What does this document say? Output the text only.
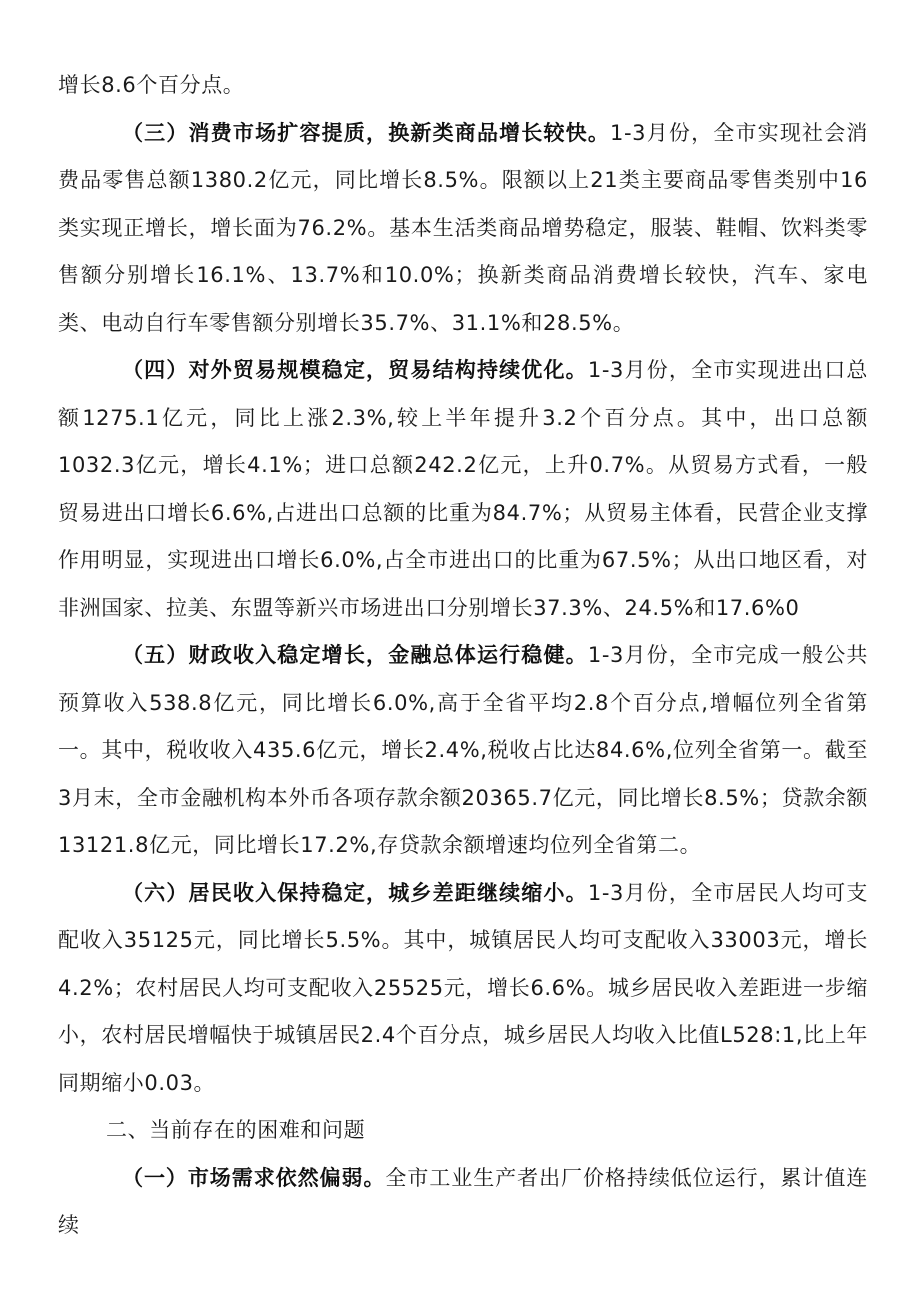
增长8.6个百分点。

（三）消费市场扩容提质，换新类商品增长较快。1-3月份，全市实现社会消费品零售总额1380.2亿元，同比增长8.5%。限额以上21类主要商品零售类别中16类实现正增长，增长面为76.2%。基本生活类商品增势稳定，服装、鞋帽、饮料类零售额分别增长16.1%、13.7%和10.0%；换新类商品消费增长较快，汽车、家电类、电动自行车零售额分别增长35.7%、31.1%和28.5%。

（四）对外贸易规模稳定，贸易结构持续优化。1-3月份，全市实现进出口总额1275.1亿元，同比上涨2.3%,较上半年提升3.2个百分点。其中，出口总额1032.3亿元，增长4.1%；进口总额242.2亿元，上升0.7%。从贸易方式看，一般贸易进出口增长6.6%,占进出口总额的比重为84.7%；从贸易主体看，民营企业支撑作用明显，实现进出口增长6.0%,占全市进出口的比重为67.5%；从出口地区看，对非洲国家、拉美、东盟等新兴市场进出口分别增长37.3%、24.5%和17.6%0

（五）财政收入稳定增长，金融总体运行稳健。1-3月份，全市完成一般公共预算收入538.8亿元，同比增长6.0%,高于全省平均2.8个百分点,增幅位列全省第一。其中，税收收入435.6亿元，增长2.4%,税收占比达84.6%,位列全省第一。截至3月末，全市金融机构本外币各项存款余额20365.7亿元，同比增长8.5%；贷款余额13121.8亿元，同比增长17.2%,存贷款余额增速均位列全省第二。

（六）居民收入保持稳定，城乡差距继续缩小。1-3月份，全市居民人均可支配收入35125元，同比增长5.5%。其中，城镇居民人均可支配收入33003元，增长4.2%；农村居民人均可支配收入25525元，增长6.6%。城乡居民收入差距进一步缩小，农村居民增幅快于城镇居民2.4个百分点，城乡居民人均收入比值L528:1,比上年同期缩小0.03。

二、当前存在的困难和问题

（一）市场需求依然偏弱。全市工业生产者出厂价格持续低位运行，累计值连续
